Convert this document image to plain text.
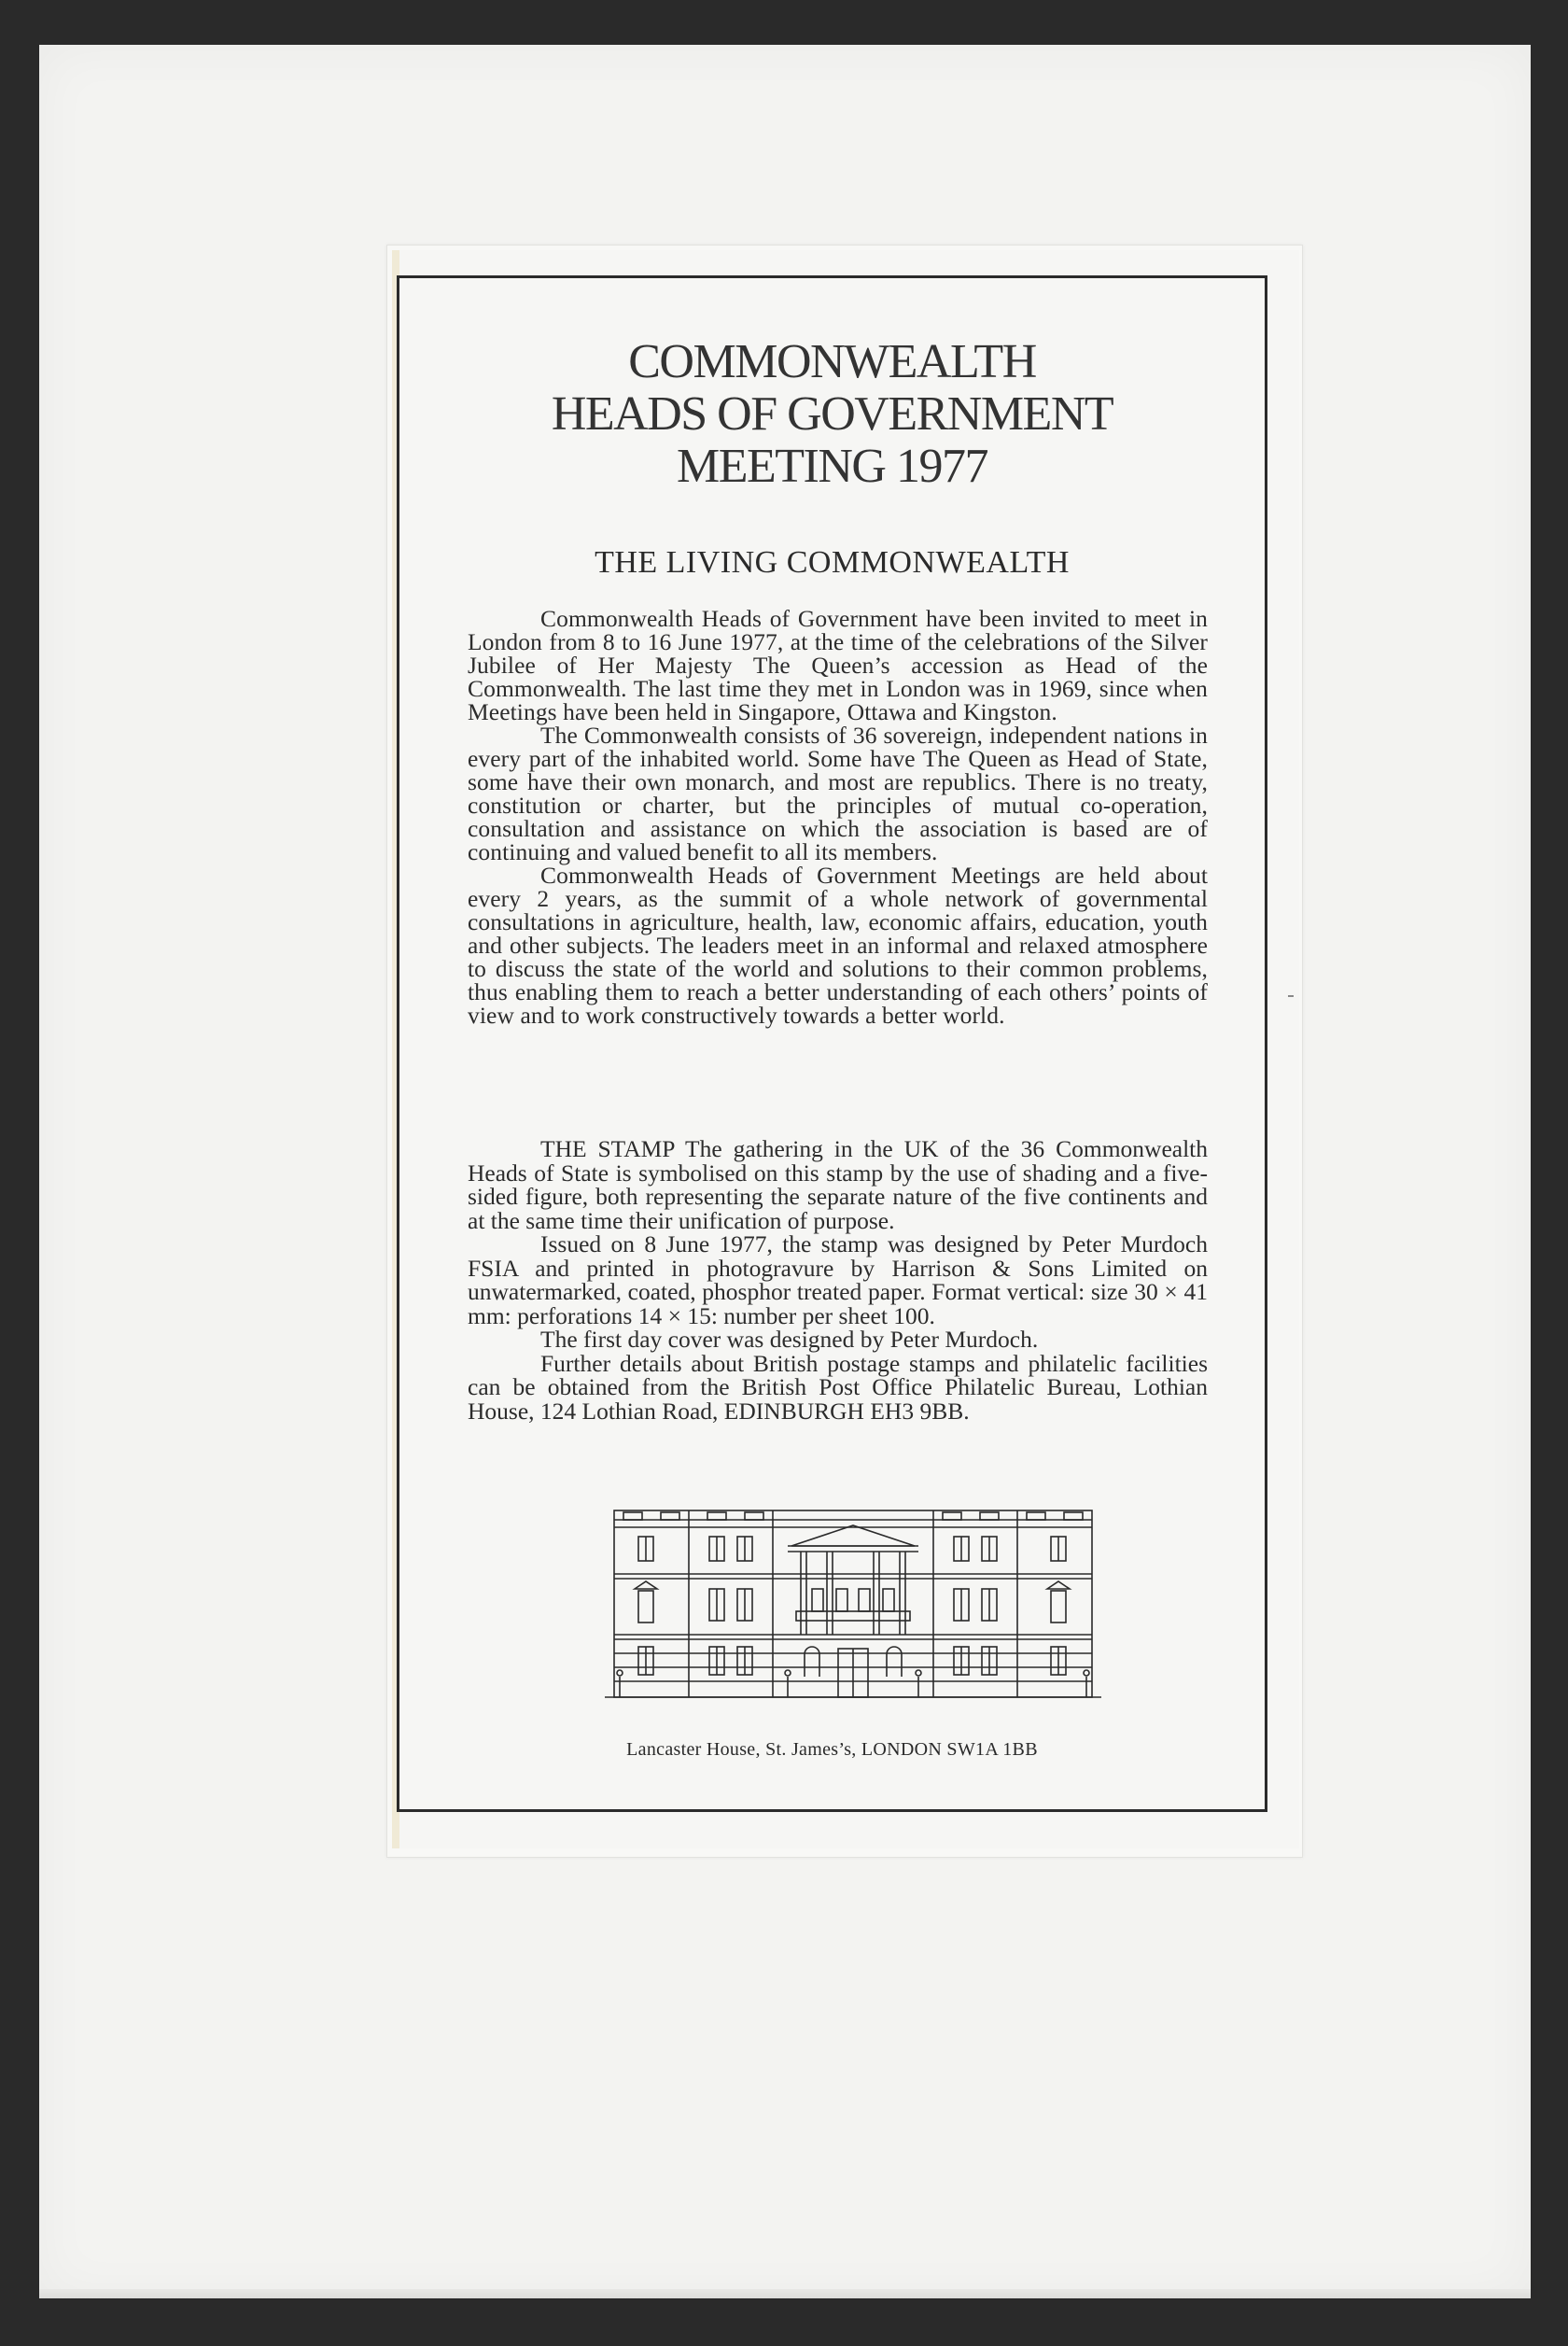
COMMONWEALTH
HEADS OF GOVERNMENT
MEETING 1977
THE LIVING COMMONWEALTH

Commonwealth Heads of Government have been invited to meet in London from 8 to 16 June 1977, at the time of the celebrations of the Silver Jubilee of Her Majesty The Queen’s accession as Head of the Commonwealth. The last time they met in London was in 1969, since when Meetings have been held in Singapore, Ottawa and Kingston.

The Commonwealth consists of 36 sovereign, independent nations in every part of the inhabited world. Some have The Queen as Head of State, some have their own monarch, and most are republics. There is no treaty, constitution or charter, but the principles of mutual co-operation, consultation and assistance on which the association is based are of continuing and valued benefit to all its members.

Commonwealth Heads of Government Meetings are held about every 2 years, as the summit of a whole network of governmental consultations in agriculture, health, law, economic affairs, education, youth and other subjects. The leaders meet in an informal and relaxed atmosphere to discuss the state of the world and solutions to their common problems, thus enabling them to reach a better understanding of each others’ points of view and to work constructively towards a better world.

THE STAMP The gathering in the UK of the 36 Commonwealth Heads of State is symbolised on this stamp by the use of shading and a five-sided figure, both representing the separate nature of the five continents and at the same time their unification of purpose.

Issued on 8 June 1977, the stamp was designed by Peter Murdoch FSIA and printed in photogravure by Harrison & Sons Limited on unwatermarked, coated, phosphor treated paper. Format vertical: size 30 × 41 mm: perforations 14 × 15: number per sheet 100.

The first day cover was designed by Peter Murdoch.

Further details about British postage stamps and philatelic facilities can be obtained from the British Post Office Philatelic Bureau, Lothian House, 124 Lothian Road, EDINBURGH EH3 9BB.

Lancaster House, St. James’s, LONDON SW1A 1BB
